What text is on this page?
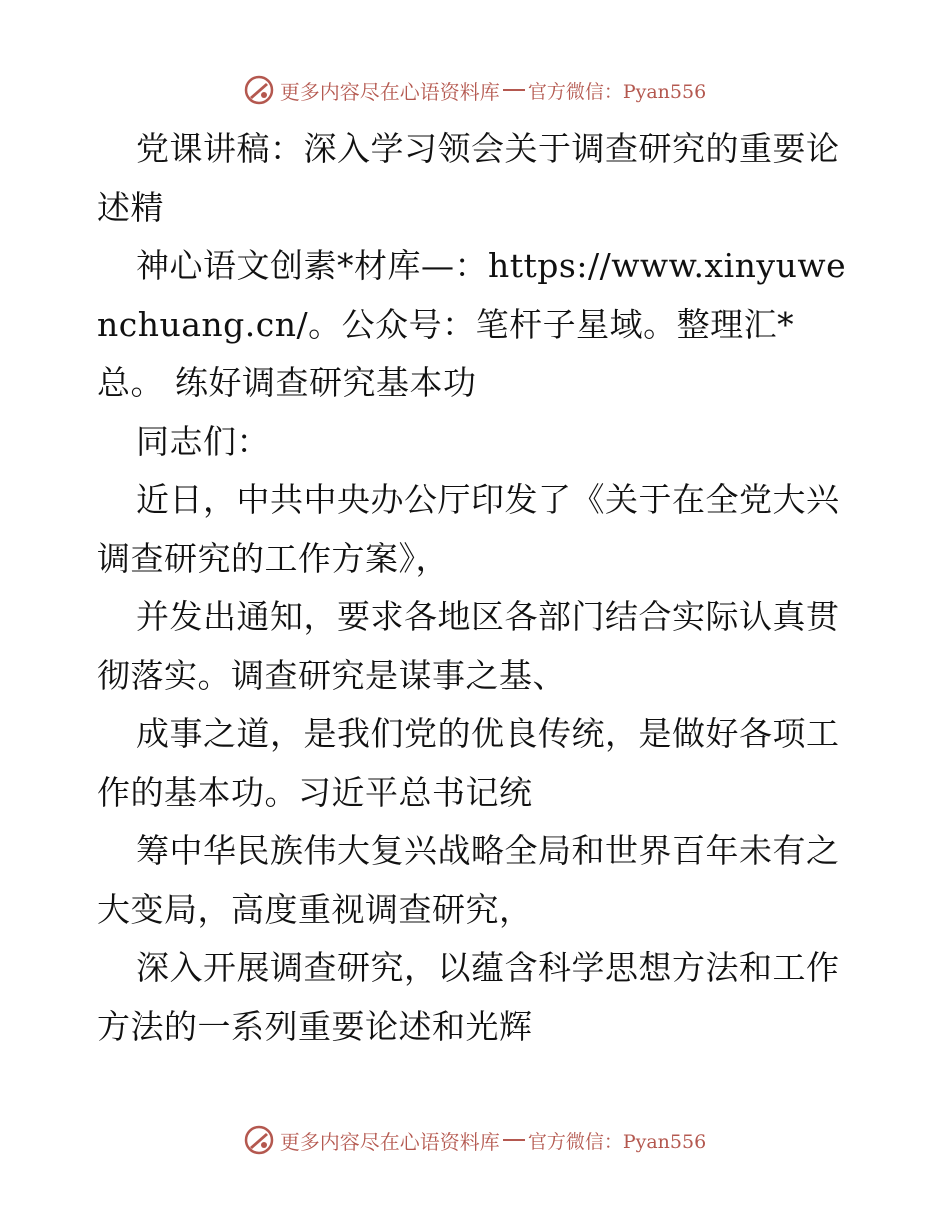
更多内容尽在心语资料库 官方微信：Pyan556

党课讲稿：深入学习领会关于调查研究的重要论述精

神心语文创素*材库—：https://www.xinyuwenchuang.cn/。公众号：笔杆子星域。整理汇*总。 练好调查研究基本功

同志们：

近日，中共中央办公厅印发了《关于在全党大兴调查研究的工作方案》，

并发出通知，要求各地区各部门结合实际认真贯彻落实。调查研究是谋事之基、

成事之道，是我们党的优良传统，是做好各项工作的基本功。习近平总书记统

筹中华民族伟大复兴战略全局和世界百年未有之大变局，高度重视调查研究，

深入开展调查研究，以蕴含科学思想方法和工作方法的一系列重要论述和光辉

更多内容尽在心语资料库 官方微信：Pyan556
